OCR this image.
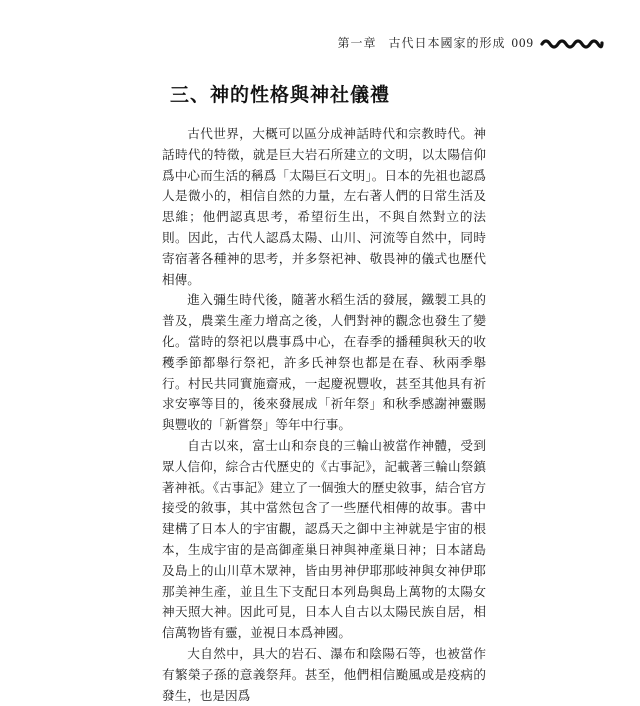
第一章 古代日本國家的形成 009
三、神的性格與神社儀禮

古代世界，大概可以區分成神話時代和宗教時代。神話時代的特徵，就是巨大岩石所建立的文明，以太陽信仰爲中心而生活的稱爲「太陽巨石文明」。日本的先祖也認爲人是微小的，相信自然的力量，左右著人們的日常生活及思維；他們認真思考，希望衍生出，不與自然對立的法則。因此，古代人認爲太陽、山川、河流等自然中，同時寄宿著各種神的思考，并多祭祀神、敬畏神的儀式也歷代相傳。

進入彌生時代後，隨著水稻生活的發展，鐵製工具的普及，農業生產力增高之後，人們對神的觀念也發生了變化。當時的祭祀以農事爲中心，在春季的播種與秋天的收穫季節都舉行祭祀，許多氏神祭也都是在春、秋兩季舉行。村民共同實施齋戒，一起慶祝豐收，甚至其他具有祈求安寧等目的，後來發展成「祈年祭」和秋季感謝神靈賜與豐收的「新嘗祭」等年中行事。

自古以來，富士山和奈良的三輪山被當作神體，受到眾人信仰，綜合古代歷史的《古事記》，記載著三輪山祭鎮著神祇。《古事記》建立了一個強大的歷史敘事，結合官方接受的敘事，其中當然包含了一些歷代相傳的故事。書中建構了日本人的宇宙觀，認爲天之御中主神就是宇宙的根本，生成宇宙的是高御產巢日神與神產巢日神；日本諸島及島上的山川草木眾神，皆由男神伊耶那岐神與女神伊耶那美神生產，並且生下支配日本列島與島上萬物的太陽女神天照大神。因此可見，日本人自古以太陽民族自居，相信萬物皆有靈，並視日本爲神國。

大自然中，具大的岩石、瀑布和陰陽石等，也被當作有繁榮子孫的意義祭拜。甚至，他們相信颱風或是疫病的發生，也是因爲
